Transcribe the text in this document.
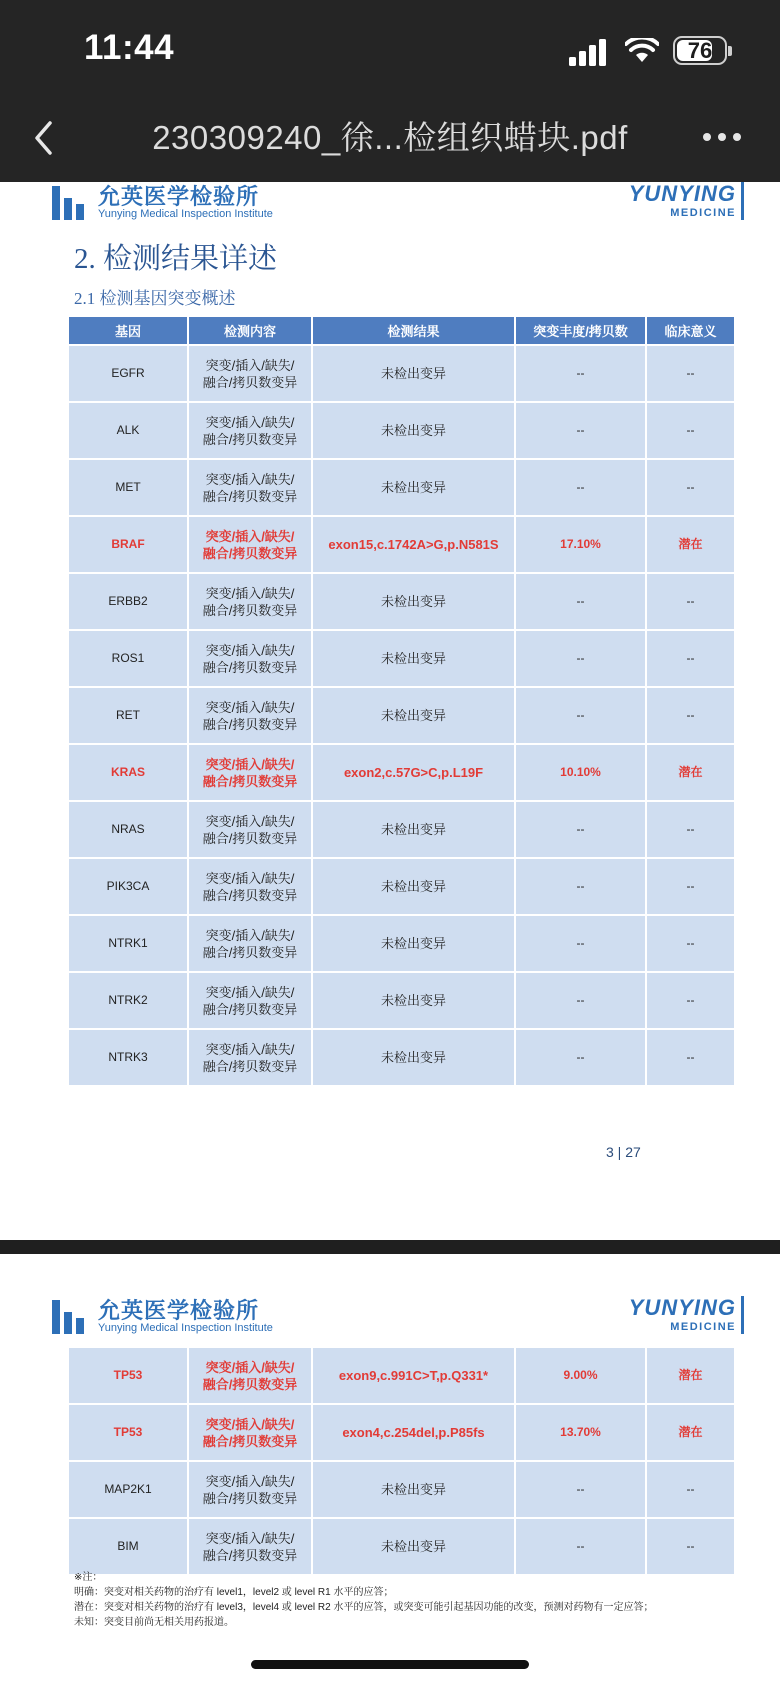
11:44	76
230309240_徐...检组织蜡块.pdf
允英医学检验所
Yunying Medical Inspection Institute
YUNYING
MEDICINE
2. 检测结果详述
2.1 检测基因突变概述
基因	检测内容	检测结果	突变丰度/拷贝数	临床意义
EGFR	突变/插入/缺失/
融合/拷贝数变异	未检出变异	--	--
ALK	突变/插入/缺失/
融合/拷贝数变异	未检出变异	--	--
MET	突变/插入/缺失/
融合/拷贝数变异	未检出变异	--	--
BRAF	突变/插入/缺失/
融合/拷贝数变异	exon15,c.1742A>G,p.N581S	17.10%	潜在
ERBB2	突变/插入/缺失/
融合/拷贝数变异	未检出变异	--	--
ROS1	突变/插入/缺失/
融合/拷贝数变异	未检出变异	--	--
RET	突变/插入/缺失/
融合/拷贝数变异	未检出变异	--	--
KRAS	突变/插入/缺失/
融合/拷贝数变异	exon2,c.57G>C,p.L19F	10.10%	潜在
NRAS	突变/插入/缺失/
融合/拷贝数变异	未检出变异	--	--
PIK3CA	突变/插入/缺失/
融合/拷贝数变异	未检出变异	--	--
NTRK1	突变/插入/缺失/
融合/拷贝数变异	未检出变异	--	--
NTRK2	突变/插入/缺失/
融合/拷贝数变异	未检出变异	--	--
NTRK3	突变/插入/缺失/
融合/拷贝数变异	未检出变异	--	--
3 | 27
允英医学检验所
Yunying Medical Inspection Institute
YUNYING
MEDICINE
TP53	突变/插入/缺失/
融合/拷贝数变异	exon9,c.991C>T,p.Q331*	9.00%	潜在
TP53	突变/插入/缺失/
融合/拷贝数变异	exon4,c.254del,p.P85fs	13.70%	潜在
MAP2K1	突变/插入/缺失/
融合/拷贝数变异	未检出变异	--	--
BIM	突变/插入/缺失/
融合/拷贝数变异	未检出变异	--	--
※注：
明确：突变对相关药物的治疗有 level1，level2 或 level R1 水平的应答；
潜在：突变对相关药物的治疗有 level3，level4 或 level R2 水平的应答，或突变可能引起基因功能的改变，预测对药物有一定应答；
未知：突变目前尚无相关用药报道。
